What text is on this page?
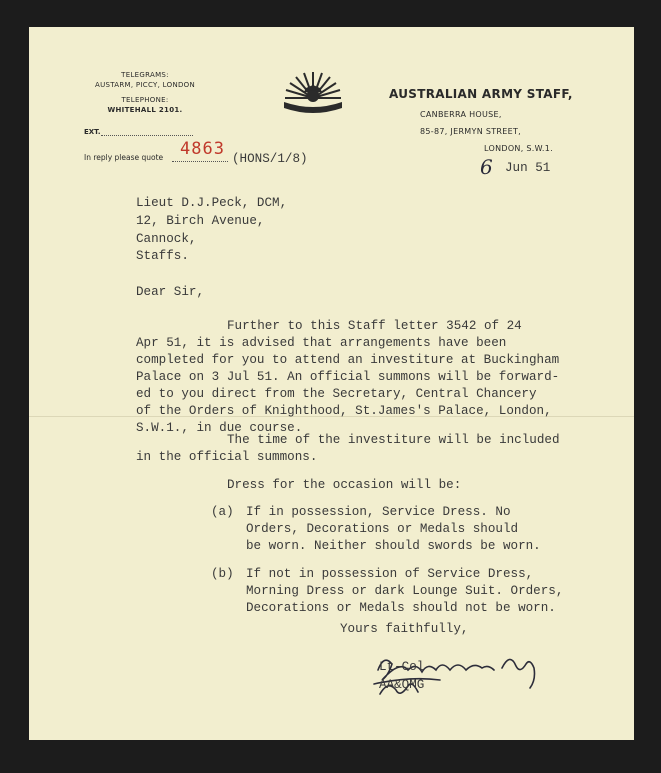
TELEGRAMS:
AUSTARM, PICCY, LONDON
TELEPHONE:
WHITEHALL 2101.
EXT.
In reply please quote 4863 (HONS/1/8)
AUSTRALIAN ARMY STAFF,
CANBERRA HOUSE,
85-87, JERMYN STREET,
LONDON, S.W.1.
6 Jun 51
Lieut D.J.Peck, DCM,
12, Birch Avenue,
Cannock,
Staffs.
Dear Sir,
Further to this Staff letter 3542 of 24
Apr 51, it is advised that arrangements have been
completed for you to attend an investiture at Buckingham
Palace on 3 Jul 51. An official summons will be forward-
ed to you direct from the Secretary, Central Chancery
of the Orders of Knighthood, St.James's Palace, London,
S.W.1., in due course.
The time of the investiture will be included
in the official summons.
Dress for the occasion will be:
(a) If in possession, Service Dress. No
Orders, Decorations or Medals should
be worn. Neither should swords be worn.
(b) If not in possession of Service Dress,
Morning Dress or dark Lounge Suit. Orders,
Decorations or Medals should not be worn.
Yours faithfully,
Lt-Col
AA&QMG
